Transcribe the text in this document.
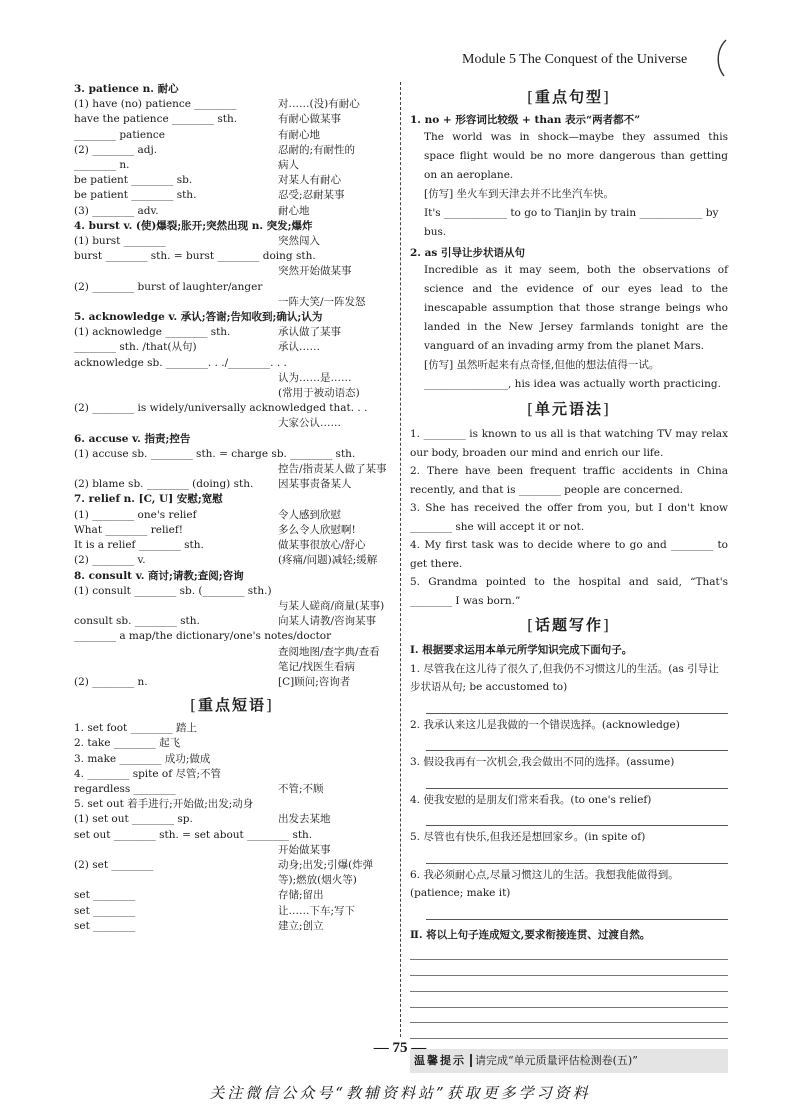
Module 5 The Conquest of the Universe
3. patience n. 耐心
(1) have (no) patience ________	对……(没)有耐心
have the patience ________ sth.	有耐心做某事
________ patience	有耐心地
(2) ________ adj.	忍耐的;有耐性的
________ n.	病人
be patient ________ sb.	对某人有耐心
be patient ________ sth.	忍受;忍耐某事
(3) ________ adv.	耐心地
4. burst v. (使)爆裂;胀开;突然出现 n. 突发;爆炸
(1) burst ________	突然闯入
burst ________ sth. = burst ________ doing sth.
突然开始做某事
(2) ________ burst of laughter/anger
一阵大笑/一阵发怒
5. acknowledge v. 承认;答谢;告知收到;确认;认为
(1) acknowledge ________ sth.	承认做了某事
________ sth. /that(从句)	承认……
acknowledge sb. ________. . ./________. . .
认为……是……
(常用于被动语态)
(2) ________ is widely/universally acknowledged that. . .
大家公认……
6. accuse v. 指责;控告
(1) accuse sb. ________ sth. = charge sb. ________ sth.
控告/指责某人做了某事
(2) blame sb. ________ (doing) sth.	因某事责备某人
7. relief n. [C, U] 安慰;宽慰
(1) ________ one's relief	令人感到欣慰
What ________ relief!	多么令人欣慰啊!
It is a relief ________ sth.	做某事很放心/舒心
(2) ________ v.	(疼痛/问题)减轻;缓解
8. consult v. 商讨;请教;查阅;咨询
(1) consult ________ sb. (________ sth.)
与某人磋商/商量(某事)
consult sb. ________ sth.	向某人请教/咨询某事
________ a map/the dictionary/one's notes/doctor
查阅地图/查字典/查看笔记/找医生看病
(2) ________ n.	[C]顾问;咨询者
[重点短语]
1. set foot ________ 踏上
2. take ________ 起飞
3. make ________ 成功;做成
4. ________ spite of 尽管;不管
regardless ________	不管;不顾
5. set out 着手进行;开始做;出发;动身
(1) set out ________ sp.	出发去某地
set out ________ sth. = set about ________ sth.
开始做某事
(2) set ________	动身;出发;引爆(炸弹
等);燃放(烟火等)
set ________	存储;留出
set ________	让……下车;写下
set ________	建立;创立
[重点句型]
1. no + 形容词比较级 + than 表示“两者都不”
The world was in shock—maybe they assumed this space flight would be no more dangerous than getting on an aeroplane.
[仿写] 坐火车到天津去并不比坐汽车快。
It's ____________ to go to Tianjin by train ____________ by bus.
2. as 引导让步状语从句
Incredible as it may seem, both the observations of science and the evidence of our eyes lead to the inescapable assumption that those strange beings who landed in the New Jersey farmlands tonight are the vanguard of an invading army from the planet Mars.
[仿写] 虽然听起来有点奇怪,但他的想法值得一试。
________________, his idea was actually worth practicing.
[单元语法]
1. ________ is known to us all is that watching TV may relax our body, broaden our mind and enrich our life.
2. There have been frequent traffic accidents in China recently, and that is ________ people are concerned.
3. She has received the offer from you, but I don't know ________ she will accept it or not.
4. My first task was to decide where to go and ________ to get there.
5. Grandma pointed to the hospital and said, “That's ________ I was born.”
[话题写作]
Ⅰ. 根据要求运用本单元所学知识完成下面句子。
1. 尽管我在这儿待了很久了,但我仍不习惯这儿的生活。(as 引导让步状语从句; be accustomed to)
2. 我承认来这儿是我做的一个错误选择。(acknowledge)
3. 假设我再有一次机会,我会做出不同的选择。(assume)
4. 使我安慰的是朋友们常来看我。(to one's relief)
5. 尽管也有快乐,但我还是想回家乡。(in spite of)
6. 我必须耐心点,尽量习惯这儿的生活。我想我能做得到。(patience; make it)
Ⅱ. 将以上句子连成短文,要求衔接连贯、过渡自然。
温馨提示 请完成“单元质量评估检测卷(五)”
— 75 —
关注微信公众号“教辅资料站”获取更多学习资料
